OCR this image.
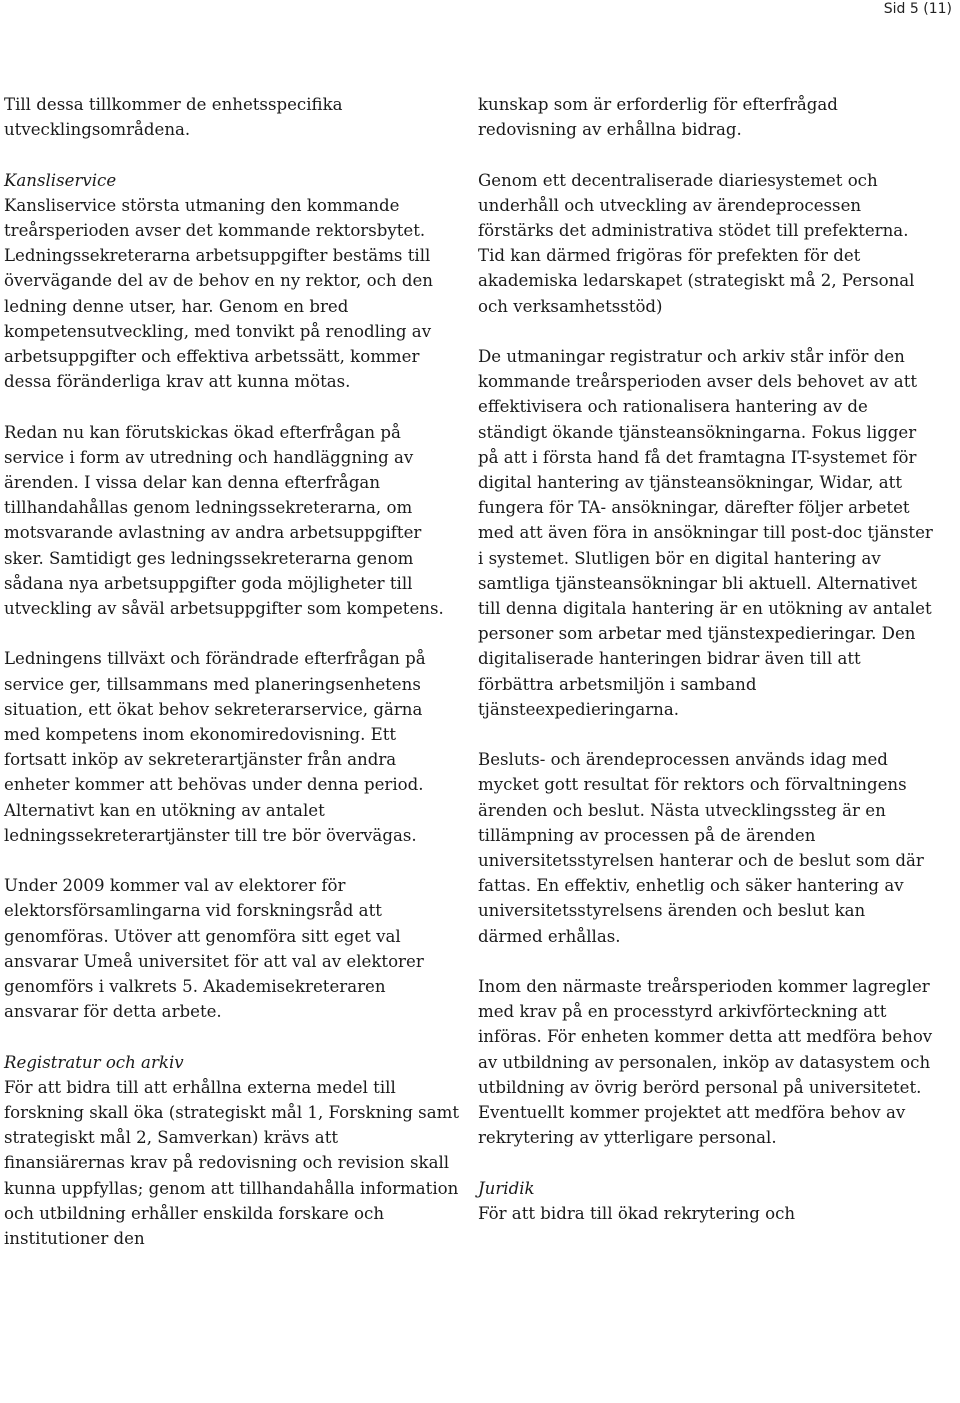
Sid 5 (11)

Till dessa tillkommer de enhetsspecifika utvecklingsområdena.

Kansliservice
Kansliservice största utmaning den kommande treårsperioden avser det kommande rektorsbytet. Ledningssekreterarna arbetsuppgifter bestäms till övervägande del av de behov en ny rektor, och den ledning denne utser, har. Genom en bred kompetensutveckling, med tonvikt på renodling av arbetsuppgifter och effektiva arbetssätt, kommer dessa föränderliga krav att kunna mötas.

Redan nu kan förutskickas ökad efterfrågan på service i form av utredning och handläggning av ärenden. I vissa delar kan denna efterfrågan tillhandahållas genom ledningssekreterarna, om motsvarande avlastning av andra arbetsuppgifter sker. Samtidigt ges ledningssekreterarna genom sådana nya arbetsuppgifter goda möjligheter till utveckling av såväl arbetsuppgifter som kompetens.

Ledningens tillväxt och förändrade efterfrågan på service ger, tillsammans med planeringsenhetens situation, ett ökat behov sekreterarservice, gärna med kompetens inom ekonomiredovisning. Ett fortsatt inköp av sekreterartjänster från andra enheter kommer att behövas under denna period. Alternativt kan en utökning av antalet ledningssekreterartjänster till tre bör övervägas.

Under 2009 kommer val av elektorer för elektorsförsamlingarna vid forskningsråd att genomföras. Utöver att genomföra sitt eget val ansvarar Umeå universitet för att val av elektorer genomförs i valkrets 5. Akademisekreteraren ansvarar för detta arbete.

Registratur och arkiv
För att bidra till att erhållna externa medel till forskning skall öka (strategiskt mål 1, Forskning samt strategiskt mål 2, Samverkan) krävs att finansiärernas krav på redovisning och revision skall kunna uppfyllas; genom att tillhandahålla information och utbildning erhåller enskilda forskare och institutioner den

kunskap som är erforderlig för efterfrågad redovisning av erhållna bidrag.

Genom ett decentraliserade diariesystemet och underhåll och utveckling av ärendeprocessen förstärks det administrativa stödet till prefekterna. Tid kan därmed frigöras för prefekten för det akademiska ledarskapet (strategiskt må 2, Personal och verksamhetsstöd)

De utmaningar registratur och arkiv står inför den kommande treårsperioden avser dels behovet av att effektivisera och rationalisera hantering av de ständigt ökande tjänsteansökningarna. Fokus ligger på att i första hand få det framtagna IT-systemet för digital hantering av tjänsteansökningar, Widar, att fungera för TA- ansökningar, därefter följer arbetet med att även föra in ansökningar till post-doc tjänster i systemet. Slutligen bör en digital hantering av samtliga tjänsteansökningar bli aktuell. Alternativet till denna digitala hantering är en utökning av antalet personer som arbetar med tjänstexpedieringar. Den digitaliserade hanteringen bidrar även till att förbättra arbetsmiljön i samband tjänsteexpedieringarna.

Besluts- och ärendeprocessen används idag med mycket gott resultat för rektors och förvaltningens ärenden och beslut. Nästa utvecklingssteg är en tillämpning av processen på de ärenden universitetsstyrelsen hanterar och de beslut som där fattas. En effektiv, enhetlig och säker hantering av universitetsstyrelsens ärenden och beslut kan därmed erhållas.

Inom den närmaste treårsperioden kommer lagregler med krav på en processtyrd arkivförteckning att införas. För enheten kommer detta att medföra behov av utbildning av personalen, inköp av datasystem och utbildning av övrig berörd personal på universitetet. Eventuellt kommer projektet att medföra behov av rekrytering av ytterligare personal.

Juridik
För att bidra till ökad rekrytering och
